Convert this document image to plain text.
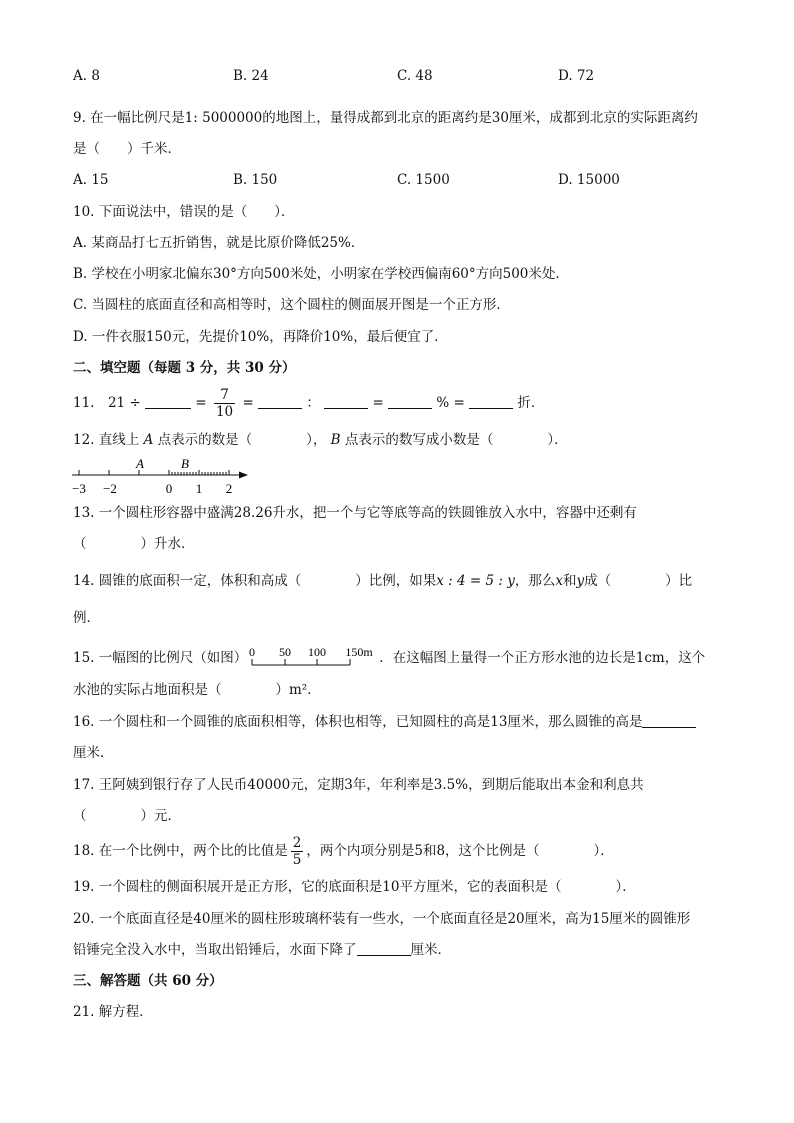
A. 8	B. 24	C. 48	D. 72
9. 在一幅比例尺是1: 5000000的地图上，量得成都到北京的距离约是30厘米，成都到北京的实际距离约
是（　　）千米．
A. 15	B. 150	C. 1500	D. 15000
10. 下面说法中，错误的是（　　）．
A. 某商品打七五折销售，就是比原价降低25%．
B. 学校在小明家北偏东30°方向500米处，小明家在学校西偏南60°方向500米处．
C. 当圆柱的底面直径和高相等时，这个圆柱的侧面展开图是一个正方形．
D. 一件衣服150元，先提价10%，再降价10%，最后便宜了．
二、填空题（每题 3 分，共 30 分）
11.　21 ÷	= $\frac{7}{10}$ =	：	=	% =	折．
12. 直线上 A 点表示的数是（　　　　）， B 点表示的数写成小数是（　　　　）．
A	B
−3 −2	0 1 2
13. 一个圆柱形容器中盛满28.26升水，把一个与它等底等高的铁圆锥放入水中，容器中还剩有
（　　　　）升水．
14. 圆锥的底面积一定，体积和高成（　　　　）比例，如果x : 4 = 5 : y，那么x和y成（　　　　）比
例．
15. 一幅图的比例尺（如图） 0 50 100 150m ．在这幅图上量得一个正方形水池的边长是1cm，这个
水池的实际占地面积是（　　　　）m²．
16. 一个圆柱和一个圆锥的底面积相等，体积也相等，已知圆柱的高是13厘米，那么圆锥的高是
厘米．
17. 王阿姨到银行存了人民币40000元，定期3年，年利率是3.5%，到期后能取出本金和利息共
（　　　　）元．
18. 在一个比例中，两个比的比值是 $\frac{2}{5}$ ，两个内项分别是5和8，这个比例是（　　　　）．
19. 一个圆柱的侧面积展开是正方形，它的底面积是10平方厘米，它的表面积是（　　　　）．
20. 一个底面直径是40厘米的圆柱形玻璃杯装有一些水，一个底面直径是20厘米，高为15厘米的圆锥形
铅锤完全没入水中，当取出铅锤后，水面下降了	厘米．
三、解答题（共 60 分）
21. 解方程．
